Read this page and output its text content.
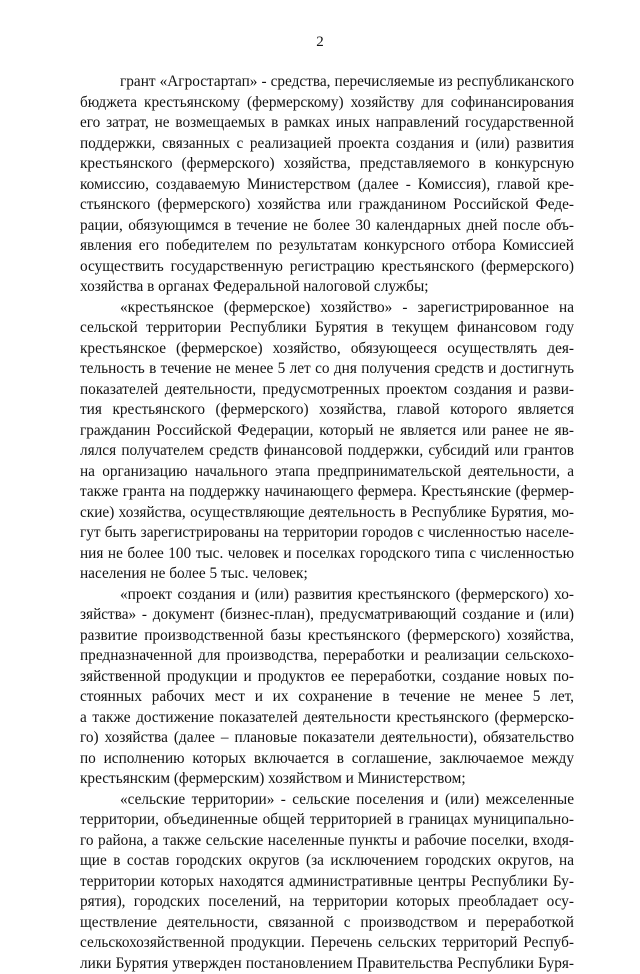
2

грант «Агростартап» - средства, перечисляемые из республиканского
бюджета крестьянскому (фермерскому) хозяйству для софинансирования
его затрат, не возмещаемых в рамках иных направлений государственной
поддержки, связанных с реализацией проекта создания и (или) развития
крестьянского (фермерского) хозяйства, представляемого в конкурсную
комиссию, создаваемую Министерством (далее - Комиссия), главой кре-
стьянского (фермерского) хозяйства или гражданином Российской Феде-
рации, обязующимся в течение не более 30 календарных дней после объ-
явления его победителем по результатам конкурсного отбора Комиссией
осуществить государственную регистрацию крестьянского (фермерского)
хозяйства в органах Федеральной налоговой службы;

«крестьянское (фермерское) хозяйство» - зарегистрированное на
сельской территории Республики Бурятия в текущем финансовом году
крестьянское (фермерское) хозяйство, обязующееся осуществлять дея-
тельность в течение не менее 5 лет со дня получения средств и достигнуть
показателей деятельности, предусмотренных проектом создания и разви-
тия крестьянского (фермерского) хозяйства, главой которого является
гражданин Российской Федерации, который не является или ранее не яв-
лялся получателем средств финансовой поддержки, субсидий или грантов
на организацию начального этапа предпринимательской деятельности, а
также гранта на поддержку начинающего фермера. Крестьянские (фермер-
ские) хозяйства, осуществляющие деятельность в Республике Бурятия, мо-
гут быть зарегистрированы на территории городов с численностью населе-
ния не более 100 тыс. человек и поселках городского типа с численностью
населения не более 5 тыс. человек;

«проект создания и (или) развития крестьянского (фермерского) хо-
зяйства» - документ (бизнес-план), предусматривающий создание и (или)
развитие производственной базы крестьянского (фермерского) хозяйства,
предназначенной для производства, переработки и реализации сельскохо-
зяйственной продукции и продуктов ее переработки, создание новых по-
стоянных рабочих мест и их сохранение в течение не менее 5 лет,
а также достижение показателей деятельности крестьянского (фермерско-
го) хозяйства (далее – плановые показатели деятельности), обязательство
по исполнению которых включается в соглашение, заключаемое между
крестьянским (фермерским) хозяйством и Министерством;

«сельские территории» - сельские поселения и (или) межселенные
территории, объединенные общей территорией в границах муниципально-
го района, а также сельские населенные пункты и рабочие поселки, входя-
щие в состав городских округов (за исключением городских округов, на
территории которых находятся административные центры Республики Бу-
рятия), городских поселений, на территории которых преобладает осу-
ществление деятельности, связанной с производством и переработкой
сельскохозяйственной продукции. Перечень сельских территорий Респуб-
лики Бурятия утвержден постановлением Правительства Республики Буря-
